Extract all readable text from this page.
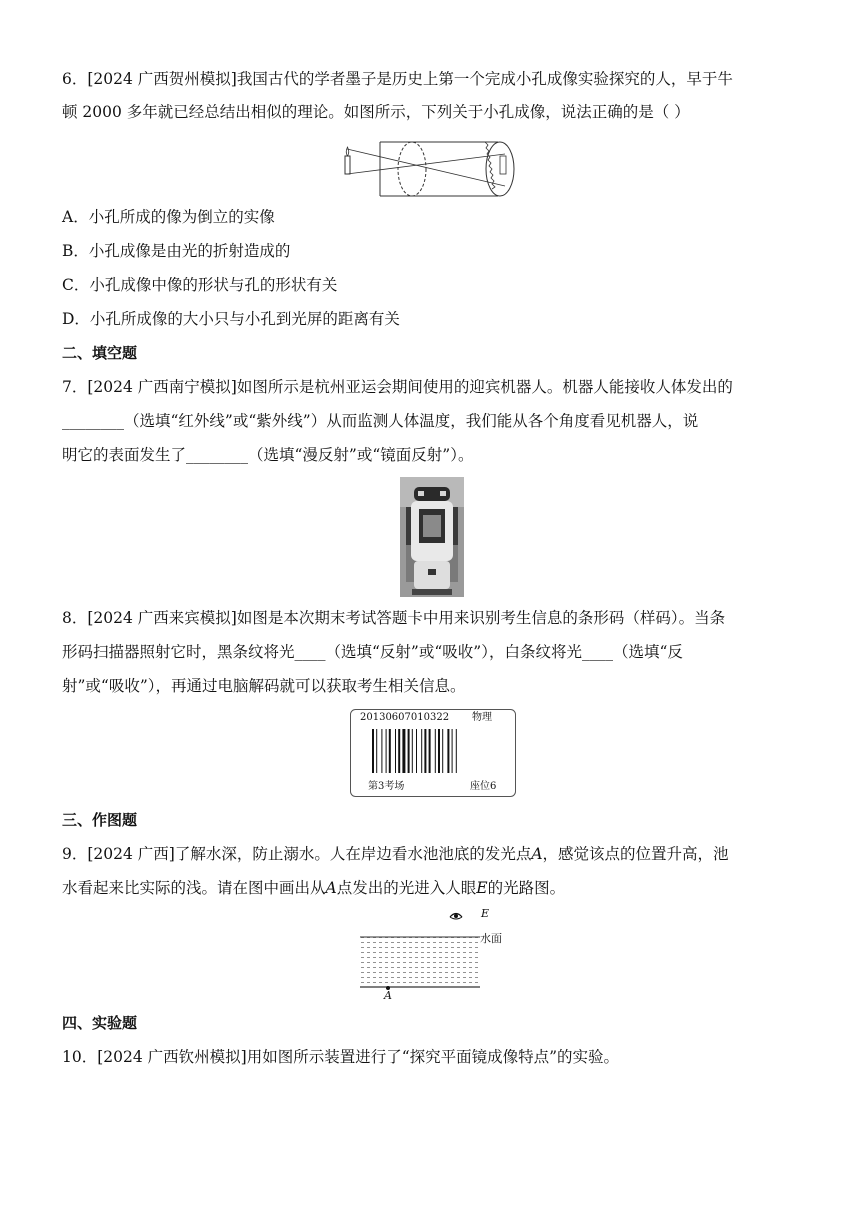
6．[2024 广西贺州模拟]我国古代的学者墨子是历史上第一个完成小孔成像实验探究的人，早于牛
顿 2000 多年就已经总结出相似的理论。如图所示，下列关于小孔成像，说法正确的是（ ）
A．小孔所成的像为倒立的实像
B．小孔成像是由光的折射造成的
C．小孔成像中像的形状与孔的形状有关
D．小孔所成像的大小只与小孔到光屏的距离有关
二、填空题
7．[2024 广西南宁模拟]如图所示是杭州亚运会期间使用的迎宾机器人。机器人能接收人体发出的
________（选填“红外线”或“紫外线”）从而监测人体温度，我们能从各个角度看见机器人，说
明它的表面发生了________（选填“漫反射”或“镜面反射”）。
8．[2024 广西来宾模拟]如图是本次期末考试答题卡中用来识别考生信息的条形码（样码）。当条
形码扫描器照射它时，黑条纹将光____（选填“反射”或“吸收”），白条纹将光____（选填“反
射”或“吸收”），再通过电脑解码就可以获取考生相关信息。
20130607010322 物理
第3考场	座位6
三、作图题
9．[2024 广西]了解水深，防止溺水。人在岸边看水池池底的发光点A，感觉该点的位置升高，池
水看起来比实际的浅。请在图中画出从A点发出的光进入人眼E的光路图。
E
水面
A
四、实验题
10．[2024 广西钦州模拟]用如图所示装置进行了“探究平面镜成像特点”的实验。
